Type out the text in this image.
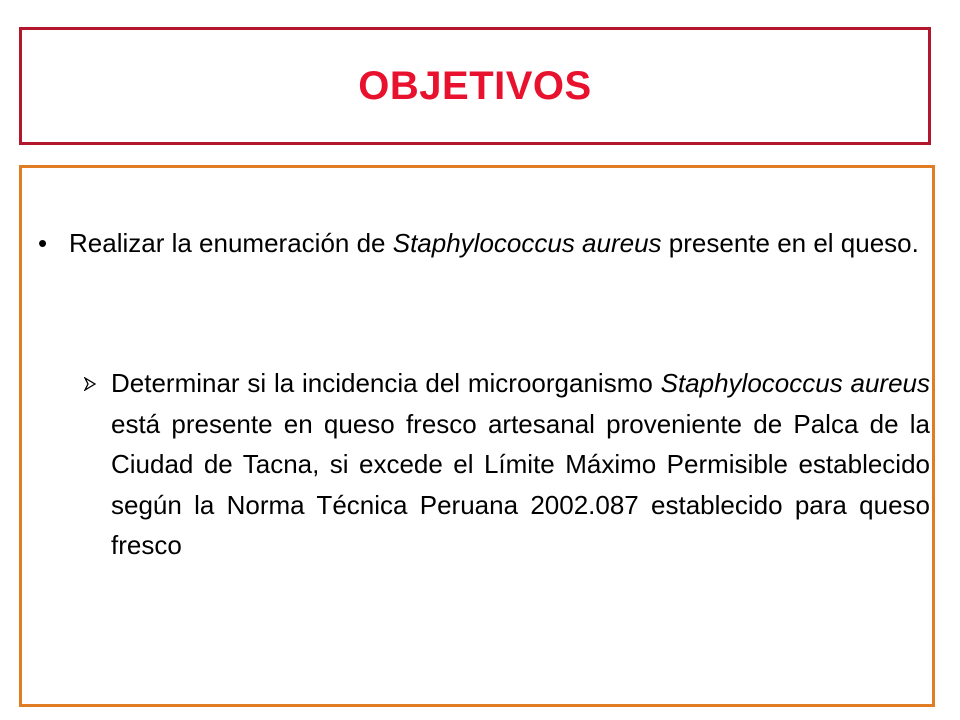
OBJETIVOS
• Realizar la enumeración de Staphylococcus aureus presente en el queso.
Determinar si la incidencia del microorganismo Staphylococcus aureus está presente en queso fresco artesanal proveniente de Palca de la Ciudad de Tacna, si excede el Límite Máximo Permisible establecido según la Norma Técnica Peruana 2002.087 establecido para queso fresco
